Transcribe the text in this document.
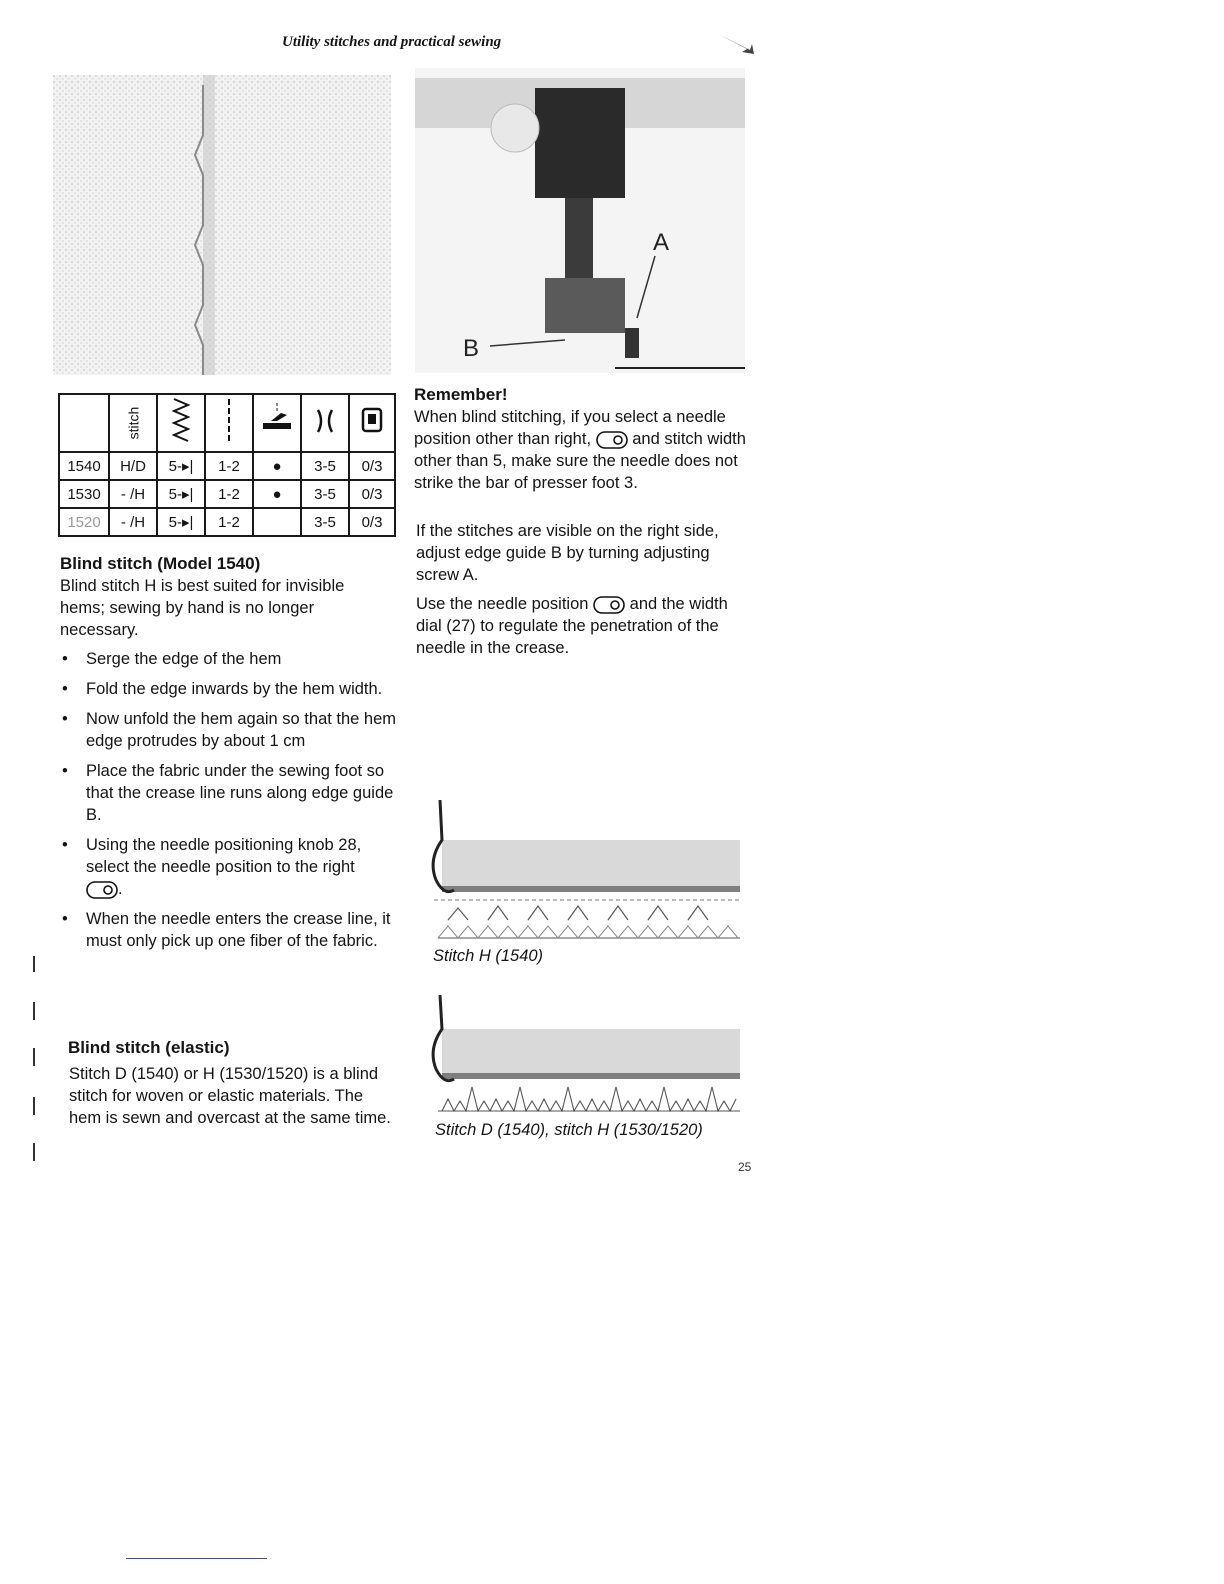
Utility stitches and practical sewing
A
B
	stitch					
1540	H/D	5-▸|	1-2	●	3-5	0/3
1530	- /H	5-▸|	1-2	●	3-5	0/3
1520	- /H	5-▸|	1-2		3-5	0/3
Blind stitch (Model 1540)
Blind stitch H is best suited for invisible hems; sewing by hand is no longer necessary.
• Serge the edge of the hem
• Fold the edge inwards by the hem width.
• Now unfold the hem again so that the hem edge protrudes by about 1 cm
• Place the fabric under the sewing foot so that the crease line runs along edge guide B.
• Using the needle positioning knob 28, select the needle position to the right
.
• When the needle enters the crease line, it must only pick up one fiber of the fabric.
Blind stitch (elastic)
Stitch D (1540) or H (1530/1520) is a blind stitch for woven or elastic materials. The hem is sewn and overcast at the same time.
Remember!
When blind stitching, if you select a needle position other than right, and stitch width other than 5, make sure the needle does not strike the bar of presser foot 3.
If the stitches are visible on the right side, adjust edge guide B by turning adjusting screw A.
Use the needle position and the width dial (27) to regulate the penetration of the needle in the crease.
Stitch H (1540)
Stitch D (1540), stitch H (1530/1520)
25
